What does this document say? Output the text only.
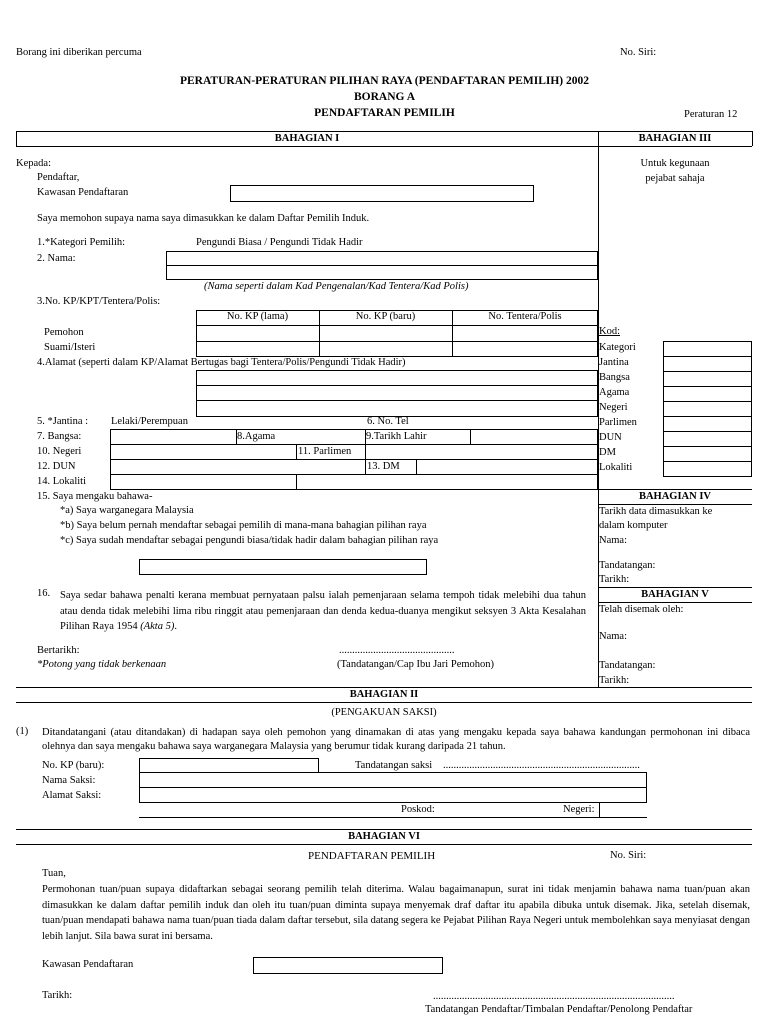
Borang ini diberikan percuma	No. Siri:
PERATURAN-PERATURAN PILIHAN RAYA (PENDAFTARAN PEMILIH) 2002
BORANG A
PENDAFTARAN PEMILIH	Peraturan 12
BAHAGIAN I	BAHAGIAN III
Kepada:
Pendaftar,
Kawasan Pendaftaran
Saya memohon supaya nama saya dimasukkan ke dalam Daftar Pemilih Induk.
1.*Kategori Pemilih:	Pengundi Biasa / Pengundi Tidak Hadir
2. Nama:
(Nama seperti dalam Kad Pengenalan/Kad Tentera/Kad Polis)
3.No. KP/KPT/Tentera/Polis:
No. KP (lama)	No. KP (baru)	No. Tentera/Polis
Pemohon
Suami/Isteri
4.Alamat (seperti dalam KP/Alamat Bertugas bagi Tentera/Polis/Pengundi Tidak Hadir)
5. *Jantina : Lelaki/Perempuan	6. No. Tel
7. Bangsa:	8.Agama	9.Tarikh Lahir
10. Negeri	11. Parlimen
12. DUN	13. DM
14. Lokaliti
15. Saya mengaku bahawa-
*a) Saya warganegara Malaysia
*b) Saya belum pernah mendaftar sebagai pemilih di mana-mana bahagian pilihan raya
*c) Saya sudah mendaftar sebagai pengundi biasa/tidak hadir dalam bahagian pilihan raya
16. Saya sedar bahawa penalti kerana membuat pernyataan palsu ialah pemenjaraan selama tempoh tidak melebihi dua tahun atau denda tidak melebihi lima ribu ringgit atau pemenjaraan dan denda kedua-duanya mengikut seksyen 3 Akta Kesalahan Pilihan Raya 1954 (Akta 5).
Bertarikh:	............................................
*Potong yang tidak berkenaan	(Tandatangan/Cap Ibu Jari Pemohon)
Untuk kegunaan
pejabat sahaja
Kod:
Kategori
Jantina
Bangsa
Agama
Negeri
Parlimen
DUN
DM
Lokaliti
BAHAGIAN IV
Tarikh data dimasukkan ke
dalam komputer
Nama:
Tandatangan:
Tarikh:
BAHAGIAN V
Telah disemak oleh:
Nama:
Tandatangan:
Tarikh:
BAHAGIAN II
(PENGAKUAN SAKSI)
(1) Ditandatangani (atau ditandakan) di hadapan saya oleh pemohon yang dinamakan di atas yang mengaku kepada saya bahawa kandungan permohonan ini dibaca olehnya dan saya mengaku bahawa saya warganegara Malaysia yang berumur tidak kurang daripada 21 tahun.
No. KP (baru):	Tandatangan saksi ...........................................................................
Nama Saksi:
Alamat Saksi:
Poskod:	Negeri:
BAHAGIAN VI
PENDAFTARAN PEMILIH	No. Siri:
Tuan,
Permohonan tuan/puan supaya didaftarkan sebagai seorang pemilih telah diterima. Walau bagaimanapun, surat ini tidak menjamin bahawa nama tuan/puan akan dimasukkan ke dalam daftar pemilih induk dan oleh itu tuan/puan diminta supaya menyemak draf daftar itu apabila dibuka untuk disemak. Jika, setelah disemak, tuan/puan mendapati bahawa nama tuan/puan tiada dalam daftar tersebut, sila datang segera ke Pejabat Pilihan Raya Negeri untuk membolehkan saya menyiasat dengan lebih lanjut. Sila bawa surat ini bersama.
Kawasan Pendaftaran
Tarikh:	............................................................................................
Tandatangan Pendaftar/Timbalan Pendaftar/Penolong Pendaftar
